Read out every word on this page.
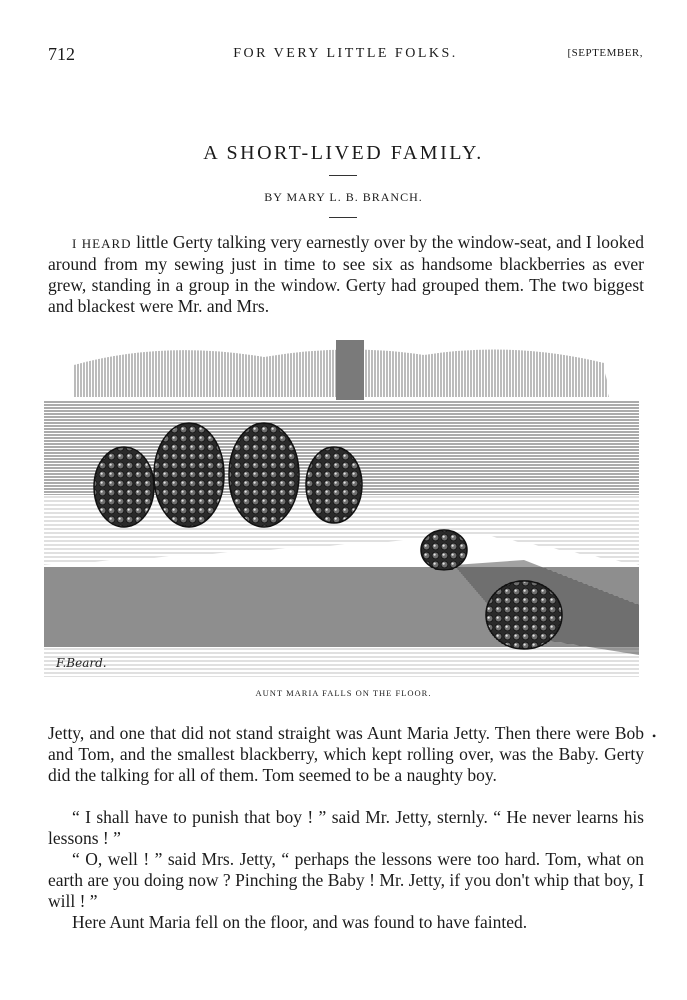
712	FOR VERY LITTLE FOLKS.	[SEPTEMBER,
A SHORT-LIVED FAMILY.
BY MARY L. B. BRANCH.
I HEARD little Gerty talking very earnestly over by the window-seat, and I looked around from my sewing just in time to see six as handsome blackberries as ever grew, standing in a group in the window. Gerty had grouped them. The two biggest and blackest were Mr. and Mrs.
F.Beard.
AUNT MARIA FALLS ON THE FLOOR.
Jetty, and one that did not stand straight was Aunt Maria Jetty. Then there were Bob and Tom, and the smallest blackberry, which kept rolling over, was the Baby. Gerty did the talking for all of them. Tom seemed to be a naughty boy.
“ I shall have to punish that boy ! ” said Mr. Jetty, sternly. “ He never learns his lessons ! ”
“ O, well ! ” said Mrs. Jetty, “ perhaps the lessons were too hard. Tom, what on earth are you doing now ? Pinching the Baby ! Mr. Jetty, if you don't whip that boy, I will ! ”
Here Aunt Maria fell on the floor, and was found to have fainted.
•
